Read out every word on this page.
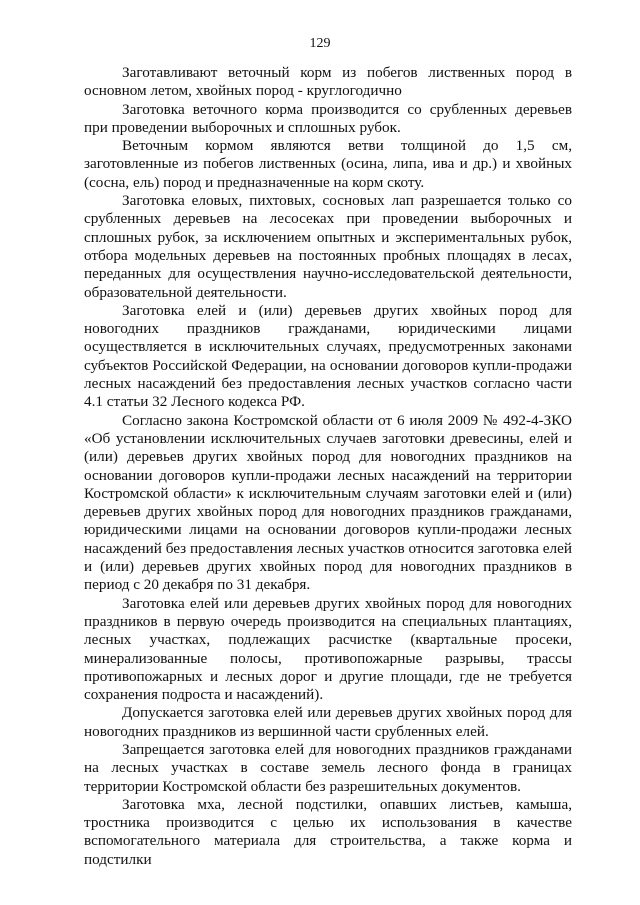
129

Заготавливают веточный корм из побегов лиственных пород в основном летом, хвойных пород - круглогодично

Заготовка веточного корма производится со срубленных деревьев при проведении выборочных и сплошных рубок.

Веточным кормом являются ветви толщиной до 1,5 см, заготовленные из побегов лиственных (осина, липа, ива и др.) и хвойных (сосна, ель) пород и предназначенные на корм скоту.

Заготовка еловых, пихтовых, сосновых лап разрешается только со срубленных деревьев на лесосеках при проведении выборочных и сплошных рубок, за исключением опытных и экспериментальных рубок, отбора модельных деревьев на постоянных пробных площадях в лесах, переданных для осуществления научно-исследовательской деятельности, образовательной деятельности.

Заготовка елей и (или) деревьев других хвойных пород для новогодних праздников гражданами, юридическими лицами осуществляется в исключительных случаях, предусмотренных законами субъектов Российской Федерации, на основании договоров купли-продажи лесных насаждений без предоставления лесных участков согласно части 4.1 статьи 32 Лесного кодекса РФ.

Согласно закона Костромской области от 6 июля 2009 № 492-4-ЗКО «Об установлении исключительных случаев заготовки древесины, елей и (или) деревьев других хвойных пород для новогодних праздников на основании договоров купли-продажи лесных насаждений на территории Костромской области» к исключительным случаям заготовки елей и (или) деревьев других хвойных пород для новогодних праздников гражданами, юридическими лицами на основании договоров купли-продажи лесных насаждений без предоставления лесных участков относится заготовка елей и (или) деревьев других хвойных пород для новогодних праздников в период с 20 декабря по 31 декабря.

Заготовка елей или деревьев других хвойных пород для новогодних праздников в первую очередь производится на специальных плантациях, лесных участках, подлежащих расчистке (квартальные просеки, минерализованные полосы, противопожарные разрывы, трассы противопожарных и лесных дорог и другие площади, где не требуется сохранения подроста и насаждений).

Допускается заготовка елей или деревьев других хвойных пород для новогодних праздников из вершинной части срубленных елей.

Запрещается заготовка елей для новогодних праздников гражданами на лесных участках в составе земель лесного фонда в границах территории Костромской области без разрешительных документов.

Заготовка мха, лесной подстилки, опавших листьев, камыша, тростника производится с целью их использования в качестве вспомогательного материала для строительства, а также корма и подстилки
